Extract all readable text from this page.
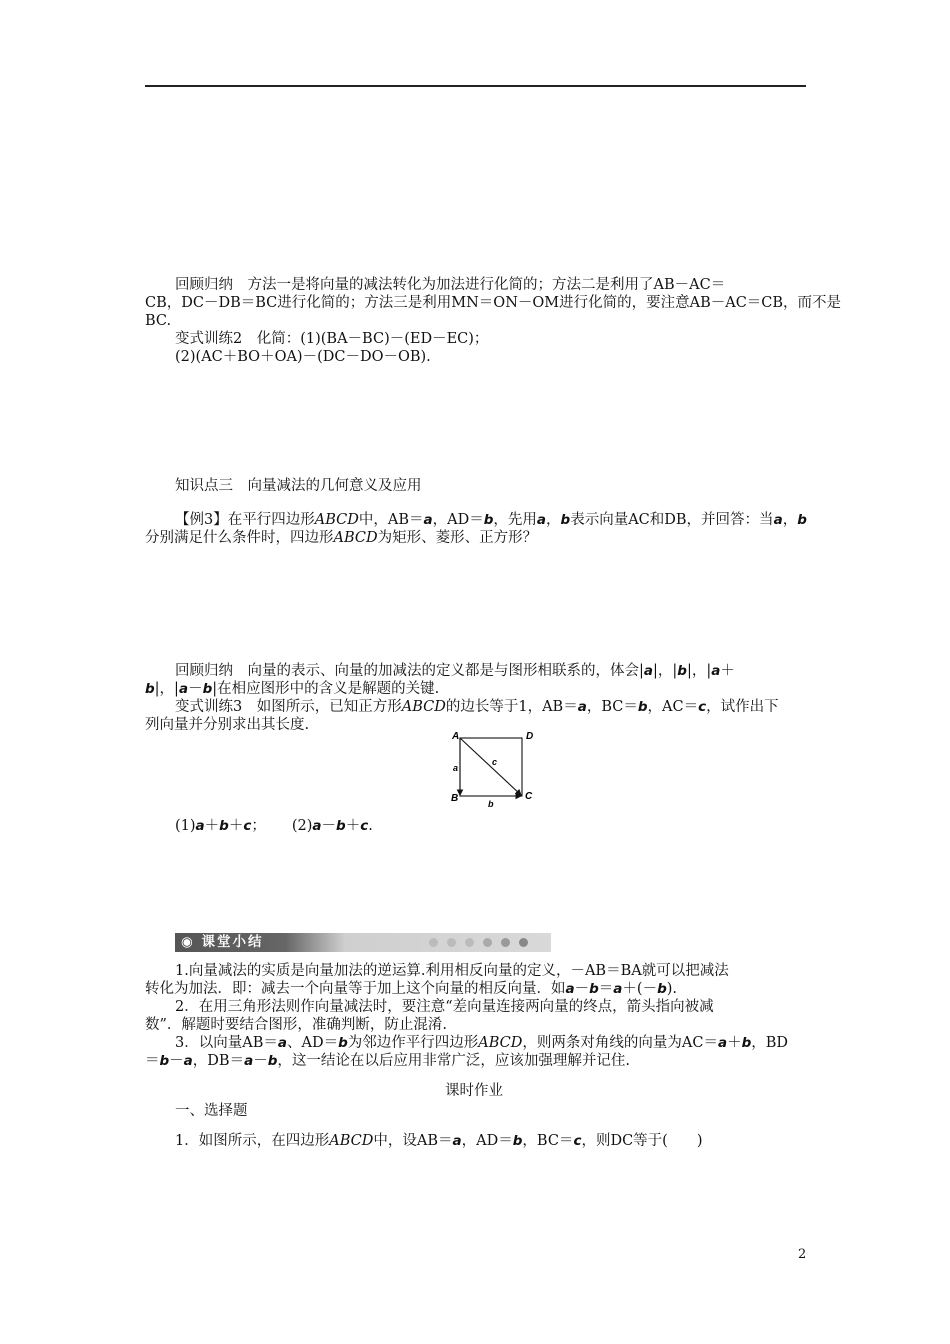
回顾归纳　方法一是将向量的减法转化为加法进行化简的；方法二是利用了AB－AC＝
CB，DC－DB＝BC进行化简的；方法三是利用MN＝ON－OM进行化简的，要注意AB－AC＝CB，而不是
BC.
变式训练2　化简：(1)(BA－BC)－(ED－EC)；
(2)(AC＋BO＋OA)－(DC－DO－OB).
知识点三　向量减法的几何意义及应用
【例3】在平行四边形ABCD中，AB＝a，AD＝b，先用a，b表示向量AC和DB，并回答：当a，b
分别满足什么条件时，四边形ABCD为矩形、菱形、正方形？
回顾归纳　向量的表示、向量的加减法的定义都是与图形相联系的，体会|a|，|b|，|a＋
b|，|a－b|在相应图形中的含义是解题的关键.
变式训练3　如图所示，已知正方形ABCD的边长等于1，AB＝a，BC＝b，AC＝c，试作出下
列向量并分别求出其长度.
A	D
B	C
a
b
c
(1)a＋b＋c； (2)a－b＋c.
◉ 课堂小结
1.向量减法的实质是向量加法的逆运算.利用相反向量的定义，－AB＝BA就可以把减法
转化为加法．即：减去一个向量等于加上这个向量的相反向量．如a－b＝a＋(－b).
2．在用三角形法则作向量减法时，要注意“差向量连接两向量的终点，箭头指向被减
数”．解题时要结合图形，准确判断，防止混淆.
3．以向量AB＝a、AD＝b为邻边作平行四边形ABCD，则两条对角线的向量为AC＝a＋b，BD
＝b－a，DB＝a－b，这一结论在以后应用非常广泛，应该加强理解并记住.
课时作业
一、选择题
1．如图所示，在四边形ABCD中，设AB＝a，AD＝b，BC＝c，则DC等于(　　)
2
